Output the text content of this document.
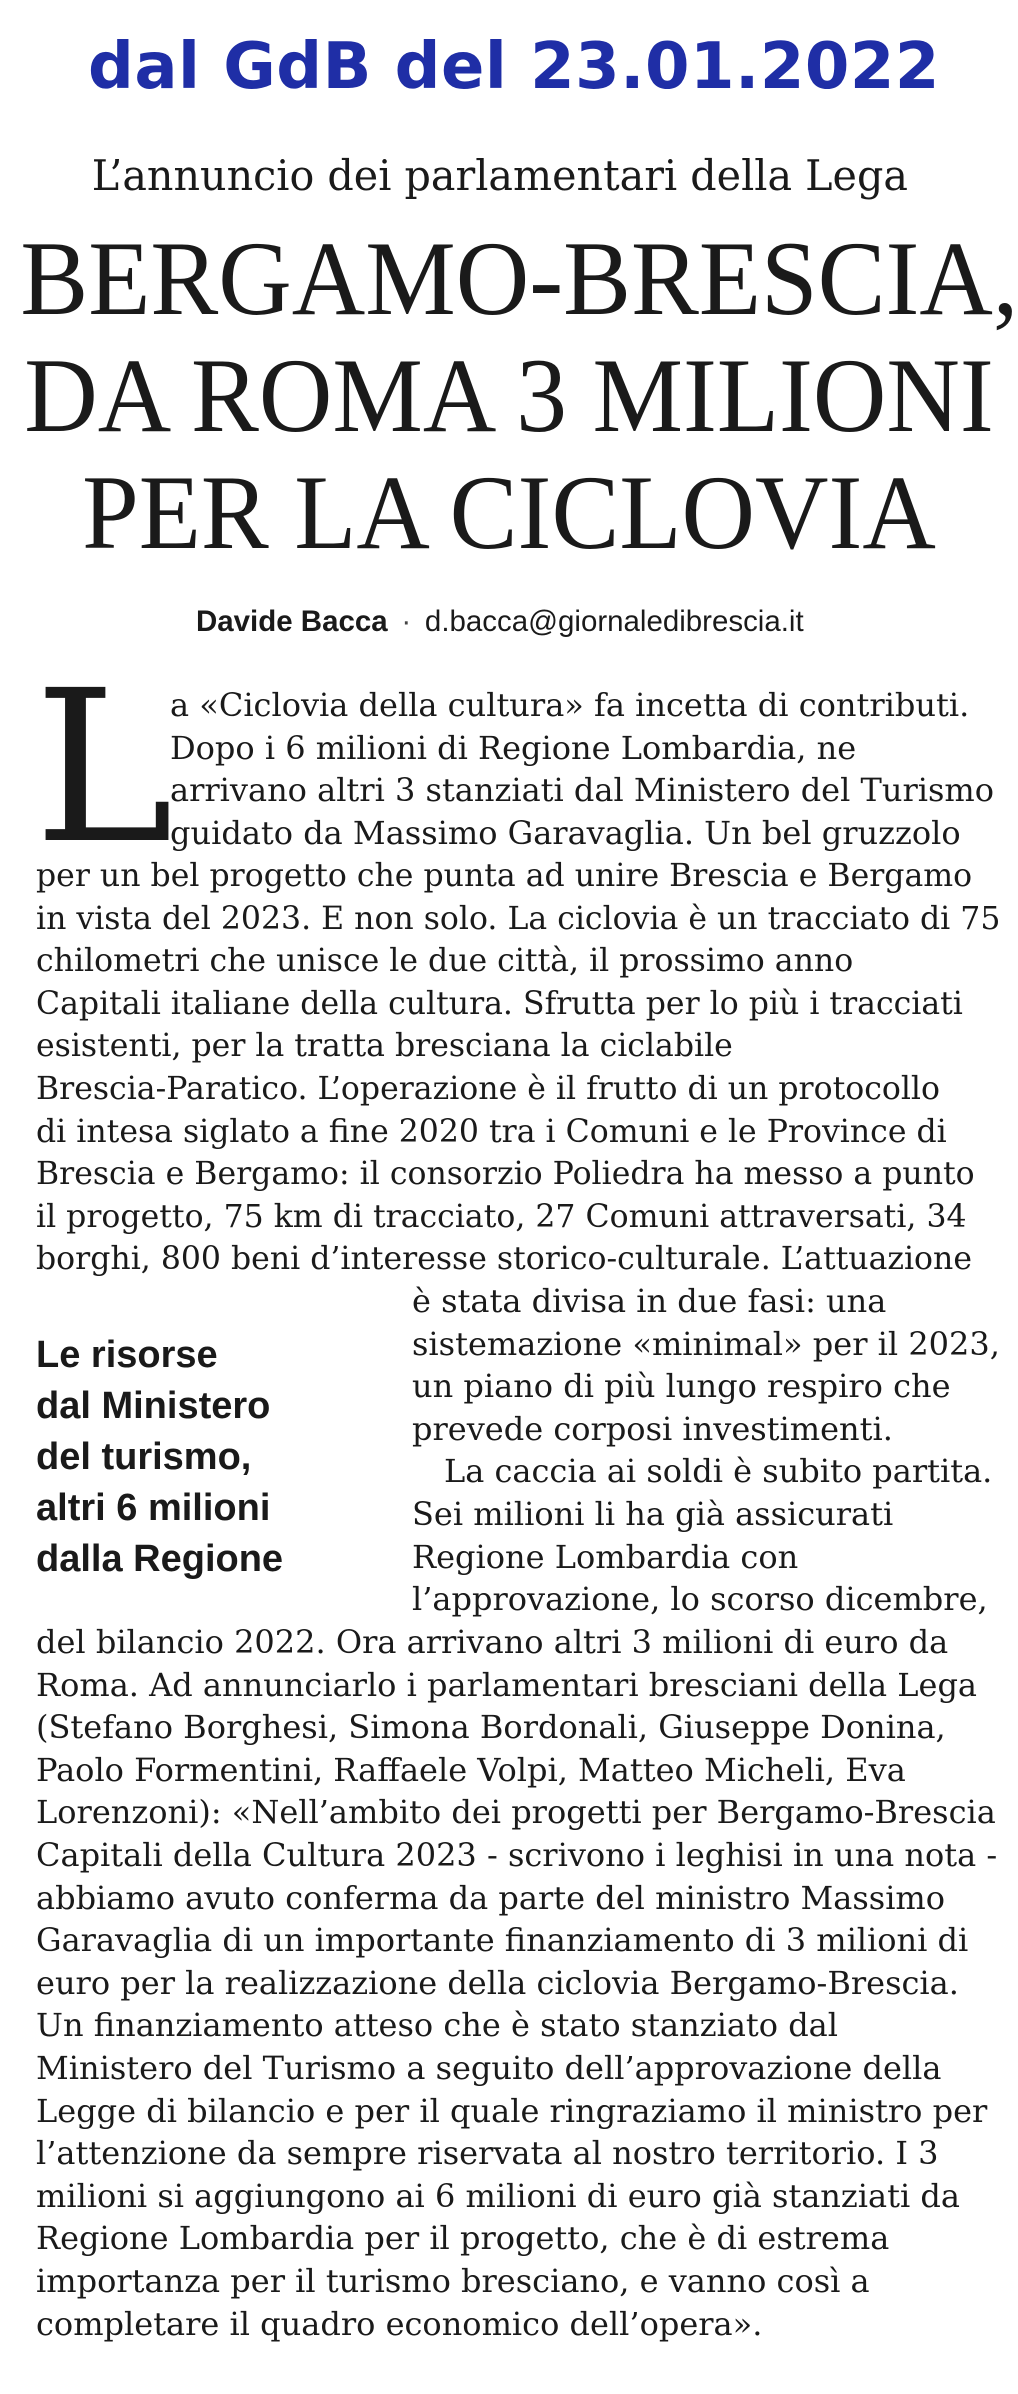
dal GdB del 23.01.2022
L’annuncio dei parlamentari della Lega
BERGAMO-BRESCIA,
DA ROMA 3 MILIONI
PER LA CICLOVIA
Davide Bacca · d.bacca@giornaledibrescia.it
L
a «Ciclovia della cultura» fa incetta di contributi.
Dopo i 6 milioni di Regione Lombardia, ne
arrivano altri 3 stanziati dal Ministero del Turismo
guidato da Massimo Garavaglia. Un bel gruzzolo
per un bel progetto che punta ad unire Brescia e Bergamo
in vista del 2023. E non solo. La ciclovia è un tracciato di 75
chilometri che unisce le due città, il prossimo anno
Capitali italiane della cultura. Sfrutta per lo più i tracciati
esistenti, per la tratta bresciana la ciclabile
Brescia-Paratico. L’operazione è il frutto di un protocollo
di intesa siglato a fine 2020 tra i Comuni e le Province di
Brescia e Bergamo: il consorzio Poliedra ha messo a punto
il progetto, 75 km di tracciato, 27 Comuni attraversati, 34
borghi, 800 beni d’interesse storico-culturale. L’attuazione
è stata divisa in due fasi: una
sistemazione «minimal» per il 2023,
un piano di più lungo respiro che
prevede corposi investimenti.
La caccia ai soldi è subito partita.
Sei milioni li ha già assicurati
Regione Lombardia con
l’approvazione, lo scorso dicembre,
Le risorse
dal Ministero
del turismo,
altri 6 milioni
dalla Regione
del bilancio 2022. Ora arrivano altri 3 milioni di euro da
Roma. Ad annunciarlo i parlamentari bresciani della Lega
(Stefano Borghesi, Simona Bordonali, Giuseppe Donina,
Paolo Formentini, Raffaele Volpi, Matteo Micheli, Eva
Lorenzoni): «Nell’ambito dei progetti per Bergamo-Brescia
Capitali della Cultura 2023 - scrivono i leghisi in una nota -
abbiamo avuto conferma da parte del ministro Massimo
Garavaglia di un importante finanziamento di 3 milioni di
euro per la realizzazione della ciclovia Bergamo-Brescia.
Un finanziamento atteso che è stato stanziato dal
Ministero del Turismo a seguito dell’approvazione della
Legge di bilancio e per il quale ringraziamo il ministro per
l’attenzione da sempre riservata al nostro territorio. I 3
milioni si aggiungono ai 6 milioni di euro già stanziati da
Regione Lombardia per il progetto, che è di estrema
importanza per il turismo bresciano, e vanno così a
completare il quadro economico dell’opera».
